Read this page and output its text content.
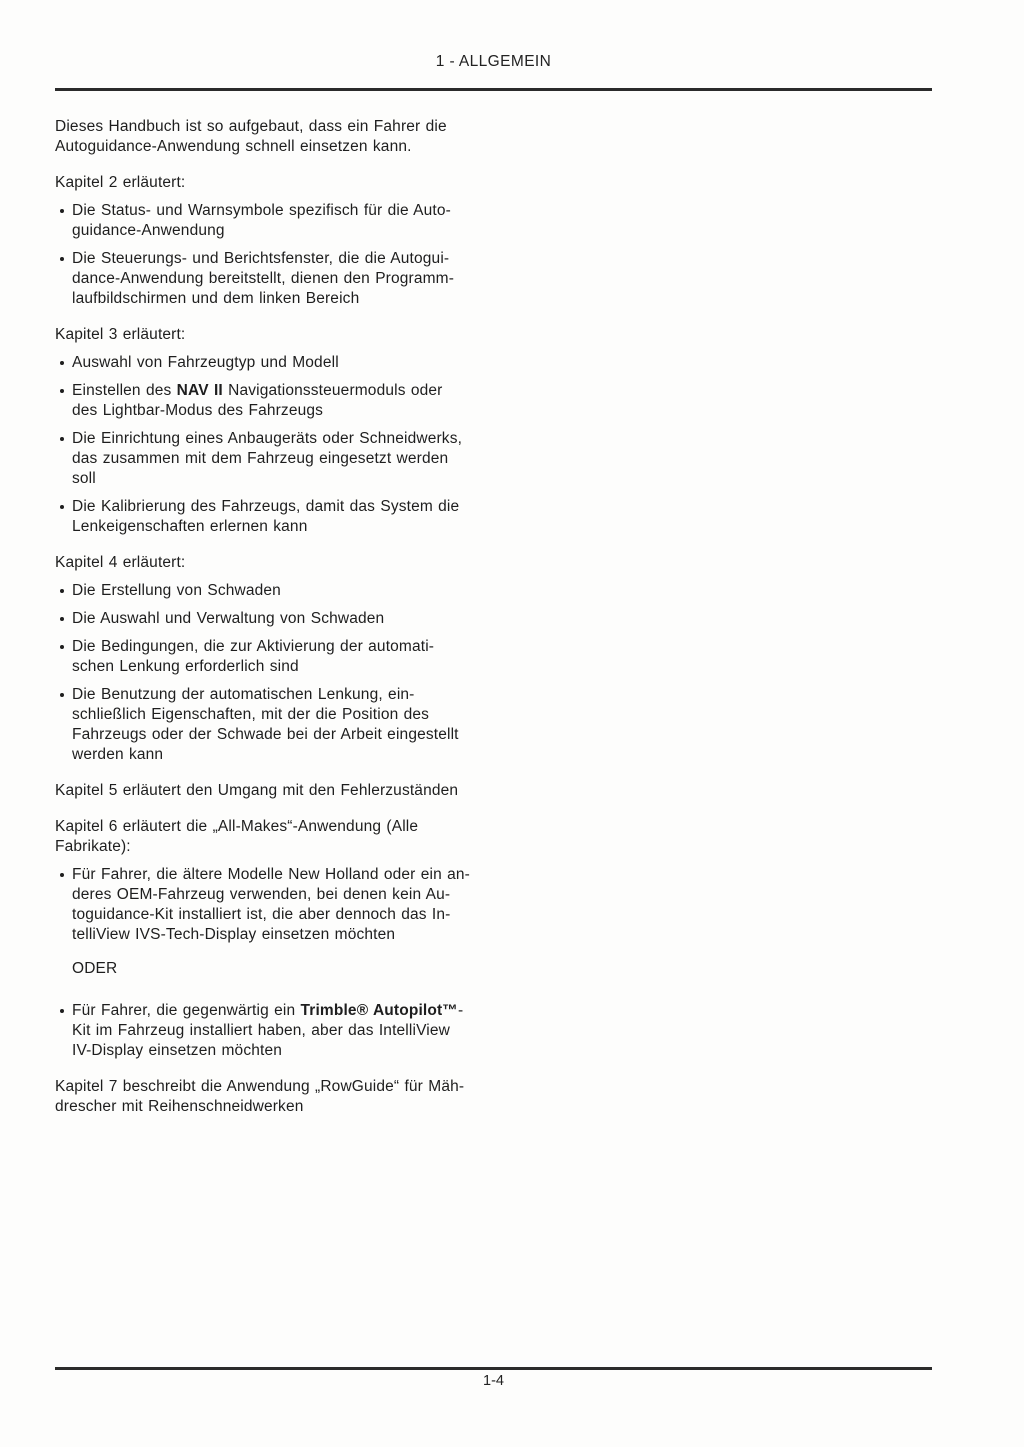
1 - ALLGEMEIN
Dieses Handbuch ist so aufgebaut, dass ein Fahrer die
Autoguidance-Anwendung schnell einsetzen kann.
Kapitel 2 erläutert:
Die Status- und Warnsymbole spezifisch für die Auto-
guidance-Anwendung
Die Steuerungs- und Berichtsfenster, die die Autogui-
dance-Anwendung bereitstellt, dienen den Programm-
laufbildschirmen und dem linken Bereich
Kapitel 3 erläutert:
Auswahl von Fahrzeugtyp und Modell
Einstellen des NAV II Navigationssteuermoduls oder
des Lightbar-Modus des Fahrzeugs
Die Einrichtung eines Anbaugeräts oder Schneidwerks,
das zusammen mit dem Fahrzeug eingesetzt werden
soll
Die Kalibrierung des Fahrzeugs, damit das System die
Lenkeigenschaften erlernen kann
Kapitel 4 erläutert:
Die Erstellung von Schwaden
Die Auswahl und Verwaltung von Schwaden
Die Bedingungen, die zur Aktivierung der automati-
schen Lenkung erforderlich sind
Die Benutzung der automatischen Lenkung, ein-
schließlich Eigenschaften, mit der die Position des
Fahrzeugs oder der Schwade bei der Arbeit eingestellt
werden kann
Kapitel 5 erläutert den Umgang mit den Fehlerzuständen
Kapitel 6 erläutert die „All-Makes“-Anwendung (Alle
Fabrikate):
Für Fahrer, die ältere Modelle New Holland oder ein an-
deres OEM-Fahrzeug verwenden, bei denen kein Au-
toguidance-Kit installiert ist, die aber dennoch das In-
telliView IVS-Tech-Display einsetzen möchten
ODER
Für Fahrer, die gegenwärtig ein Trimble® Autopilot™-
Kit im Fahrzeug installiert haben, aber das IntelliView
IV-Display einsetzen möchten
Kapitel 7 beschreibt die Anwendung „RowGuide“ für Mäh-
drescher mit Reihenschneidwerken
1-4
